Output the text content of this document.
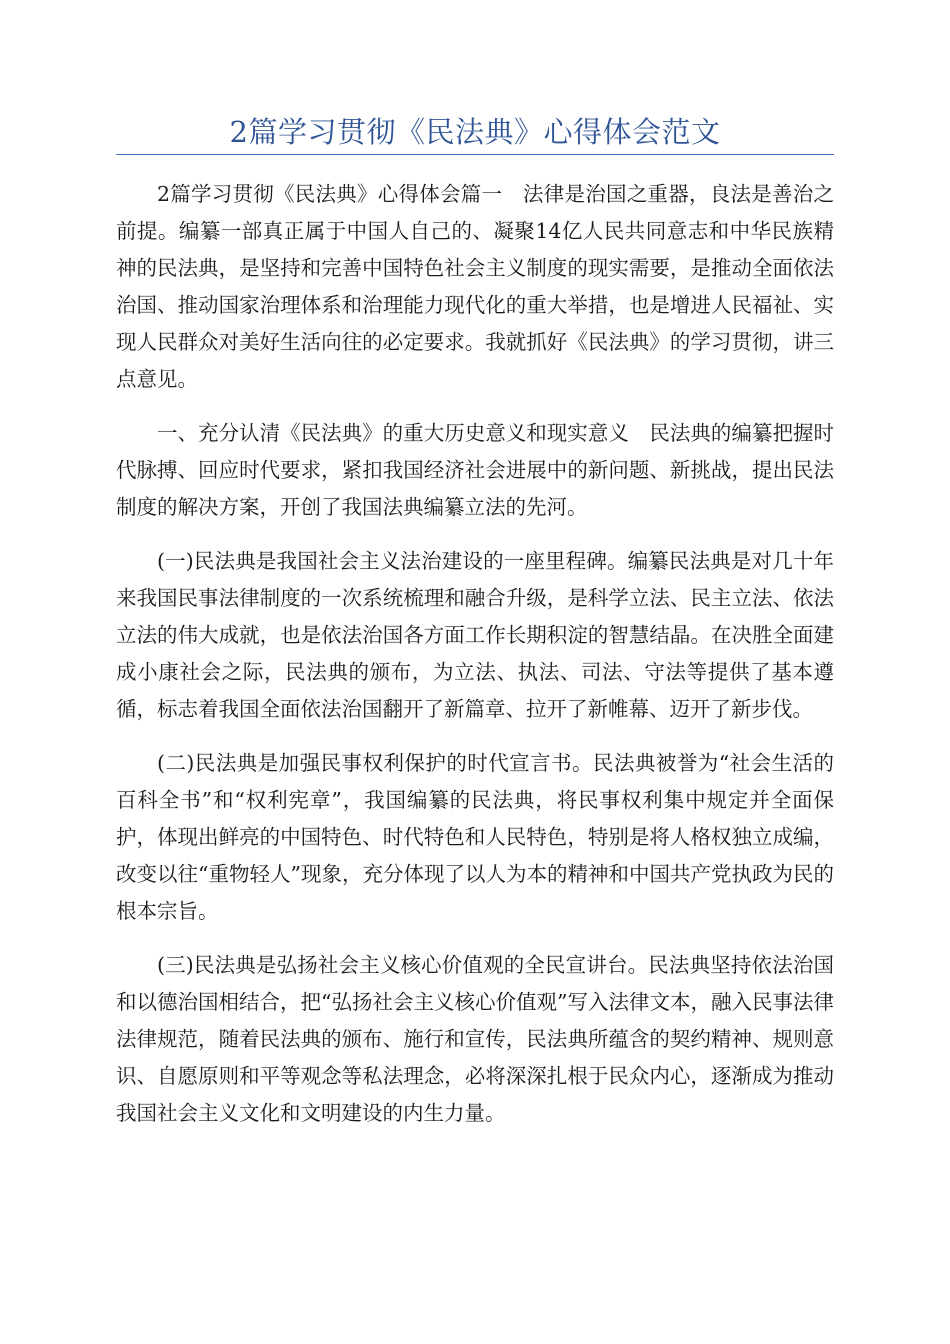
2篇学习贯彻《民法典》心得体会范文

2篇学习贯彻《民法典》心得体会篇一　法律是治国之重器，良法是善治之前提。编纂一部真正属于中国人自己的、凝聚14亿人民共同意志和中华民族精神的民法典，是坚持和完善中国特色社会主义制度的现实需要，是推动全面依法治国、推动国家治理体系和治理能力现代化的重大举措，也是增进人民福祉、实现人民群众对美好生活向往的必定要求。我就抓好《民法典》的学习贯彻，讲三点意见。

一、充分认清《民法典》的重大历史意义和现实意义　民法典的编纂把握时代脉搏、回应时代要求，紧扣我国经济社会进展中的新问题、新挑战，提出民法制度的解决方案，开创了我国法典编纂立法的先河。

(一)民法典是我国社会主义法治建设的一座里程碑。编纂民法典是对几十年来我国民事法律制度的一次系统梳理和融合升级，是科学立法、民主立法、依法立法的伟大成就，也是依法治国各方面工作长期积淀的智慧结晶。在决胜全面建成小康社会之际，民法典的颁布，为立法、执法、司法、守法等提供了基本遵循，标志着我国全面依法治国翻开了新篇章、拉开了新帷幕、迈开了新步伐。

(二)民法典是加强民事权利保护的时代宣言书。民法典被誉为“社会生活的百科全书”和“权利宪章”，我国编纂的民法典，将民事权利集中规定并全面保护，体现出鲜亮的中国特色、时代特色和人民特色，特别是将人格权独立成编，改变以往“重物轻人”现象，充分体现了以人为本的精神和中国共产党执政为民的根本宗旨。

(三)民法典是弘扬社会主义核心价值观的全民宣讲台。民法典坚持依法治国和以德治国相结合，把“弘扬社会主义核心价值观”写入法律文本，融入民事法律法律规范，随着民法典的颁布、施行和宣传，民法典所蕴含的契约精神、规则意识、自愿原则和平等观念等私法理念，必将深深扎根于民众内心，逐渐成为推动我国社会主义文化和文明建设的内生力量。
